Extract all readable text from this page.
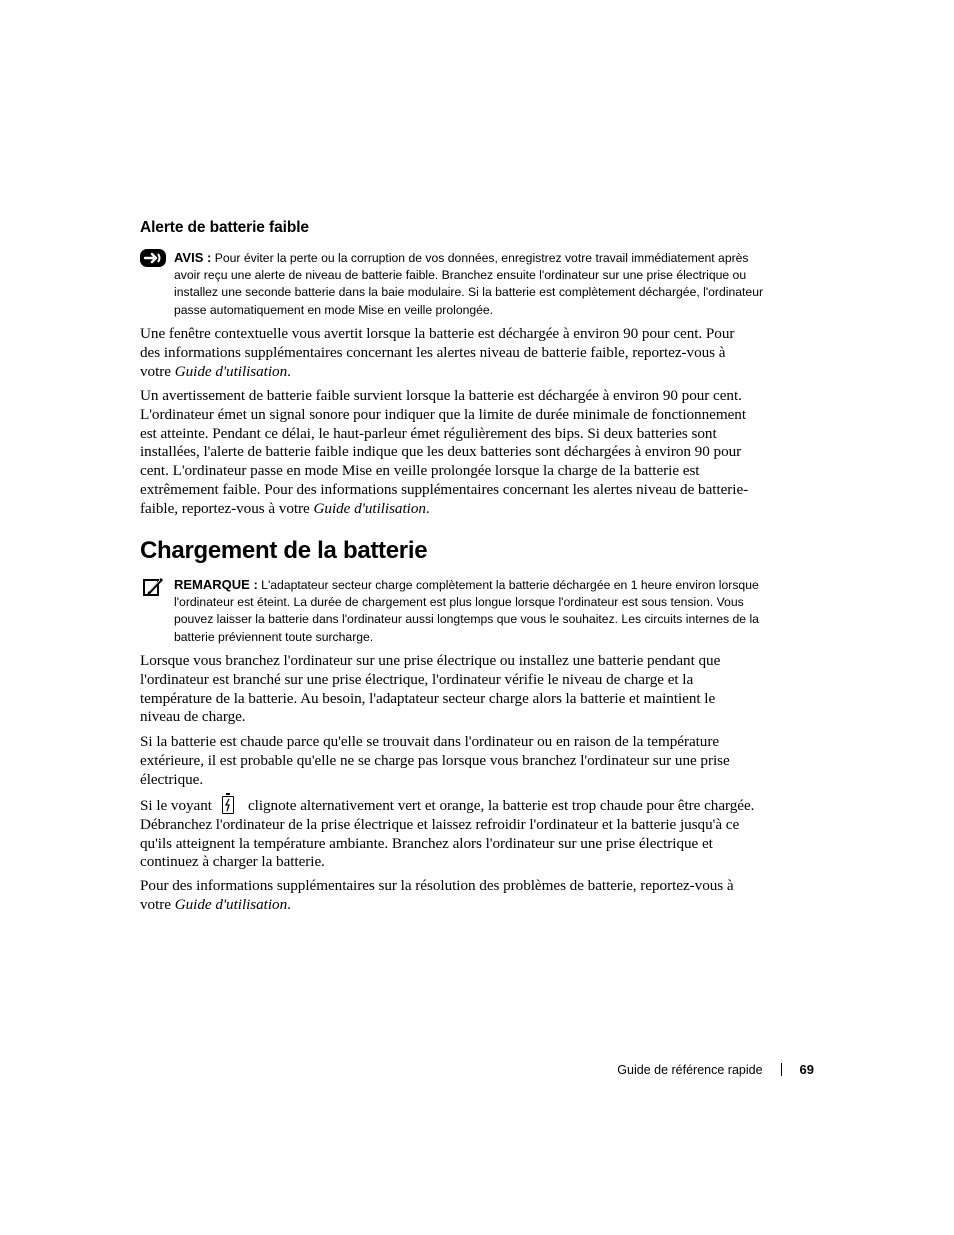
Alerte de batterie faible
AVIS : Pour éviter la perte ou la corruption de vos données, enregistrez votre travail immédiatement après avoir reçu une alerte de niveau de batterie faible. Branchez ensuite l'ordinateur sur une prise électrique ou installez une seconde batterie dans la baie modulaire. Si la batterie est complètement déchargée, l'ordinateur passe automatiquement en mode Mise en veille prolongée.

Une fenêtre contextuelle vous avertit lorsque la batterie est déchargée à environ 90 pour cent. Pour des informations supplémentaires concernant les alertes niveau de batterie faible, reportez-vous à votre Guide d'utilisation.

Un avertissement de batterie faible survient lorsque la batterie est déchargée à environ 90 pour cent. L'ordinateur émet un signal sonore pour indiquer que la limite de durée minimale de fonctionnement est atteinte. Pendant ce délai, le haut-parleur émet régulièrement des bips. Si deux batteries sont installées, l'alerte de batterie faible indique que les deux batteries sont déchargées à environ 90 pour cent. L'ordinateur passe en mode Mise en veille prolongée lorsque la charge de la batterie est extrêmement faible. Pour des informations supplémentaires concernant les alertes niveau de batterie-faible, reportez-vous à votre Guide d'utilisation.

Chargement de la batterie
REMARQUE : L'adaptateur secteur charge complètement la batterie déchargée en 1 heure environ lorsque l'ordinateur est éteint. La durée de chargement est plus longue lorsque l'ordinateur est sous tension. Vous pouvez laisser la batterie dans l'ordinateur aussi longtemps que vous le souhaitez. Les circuits internes de la batterie préviennent toute surcharge.

Lorsque vous branchez l'ordinateur sur une prise électrique ou installez une batterie pendant que l'ordinateur est branché sur une prise électrique, l'ordinateur vérifie le niveau de charge et la température de la batterie. Au besoin, l'adaptateur secteur charge alors la batterie et maintient le niveau de charge.

Si la batterie est chaude parce qu'elle se trouvait dans l'ordinateur ou en raison de la température extérieure, il est probable qu'elle ne se charge pas lorsque vous branchez l'ordinateur sur une prise électrique.

Si le voyant clignote alternativement vert et orange, la batterie est trop chaude pour être chargée. Débranchez l'ordinateur de la prise électrique et laissez refroidir l'ordinateur et la batterie jusqu'à ce qu'ils atteignent la température ambiante. Branchez alors l'ordinateur sur une prise électrique et continuez à charger la batterie.

Pour des informations supplémentaires sur la résolution des problèmes de batterie, reportez-vous à votre Guide d'utilisation.

Guide de référence rapide	69
